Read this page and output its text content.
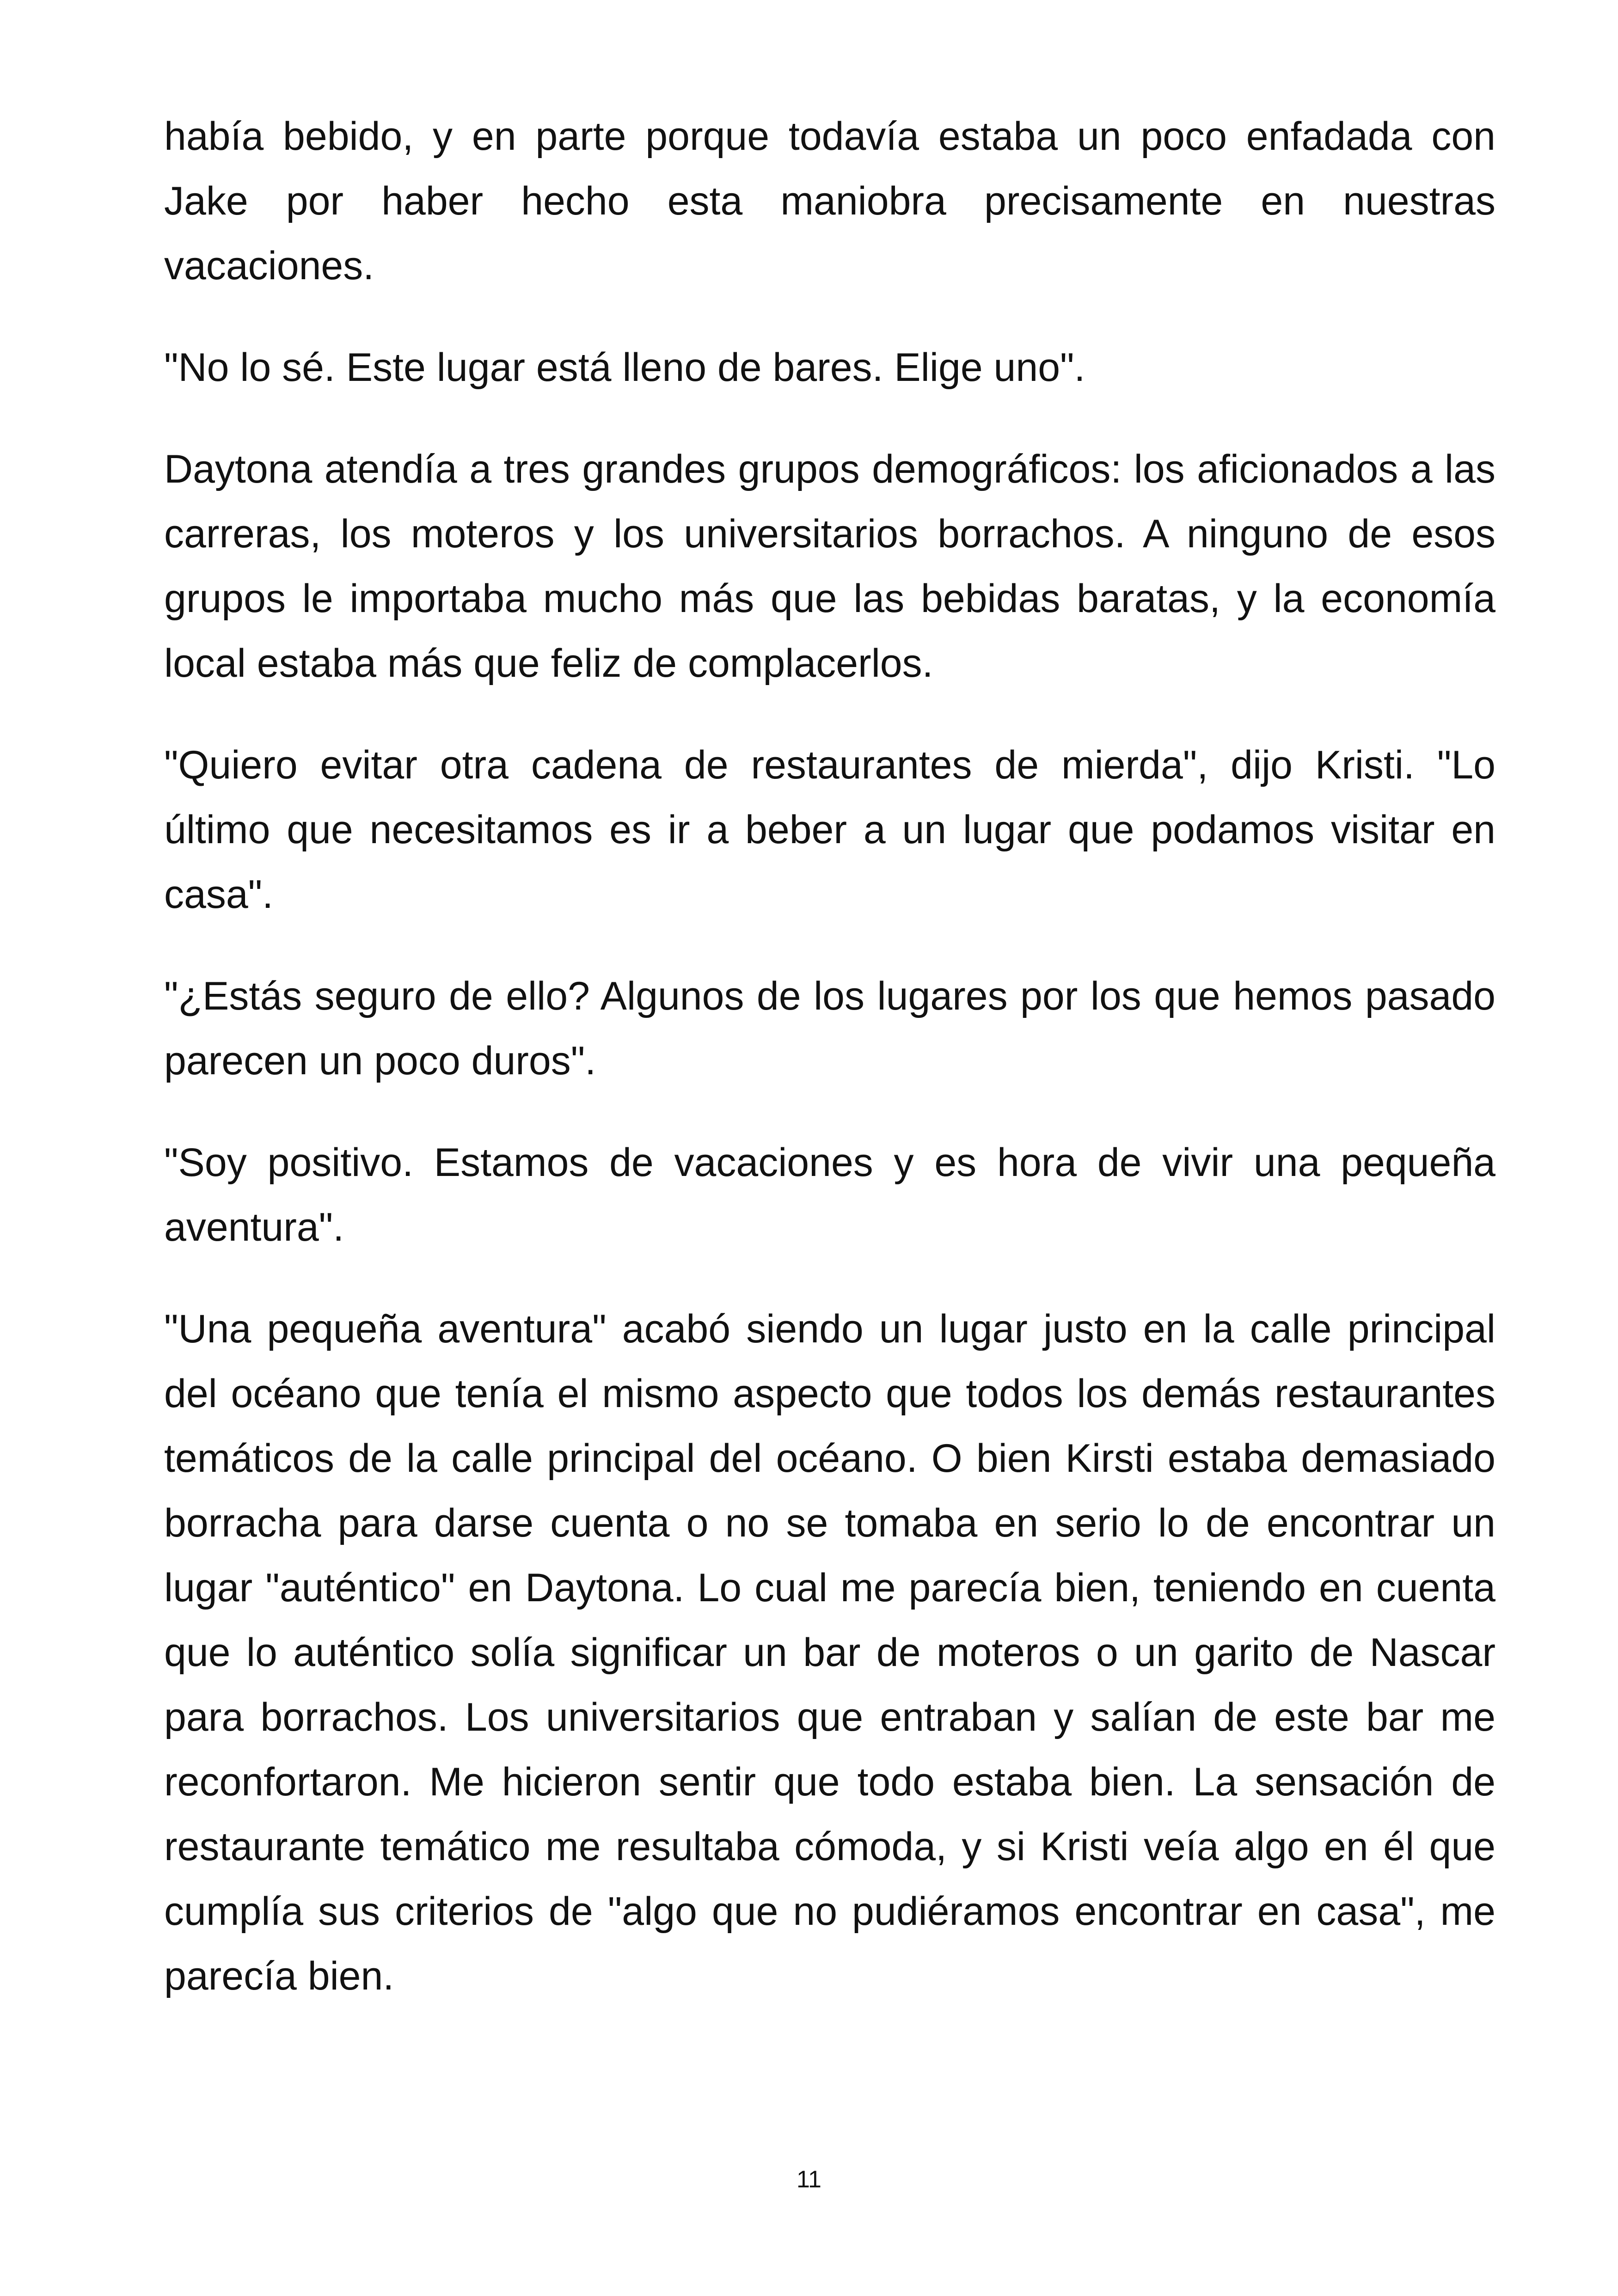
había bebido, y en parte porque todavía estaba un poco enfadada con Jake por haber hecho esta maniobra precisamente en nuestras vacaciones.

"No lo sé. Este lugar está lleno de bares. Elige uno".

Daytona atendía a tres grandes grupos demográficos: los aficionados a las carreras, los moteros y los universitarios borrachos. A ninguno de esos grupos le importaba mucho más que las bebidas baratas, y la economía local estaba más que feliz de complacerlos.

"Quiero evitar otra cadena de restaurantes de mierda", dijo Kristi. "Lo último que necesitamos es ir a beber a un lugar que podamos visitar en casa".

"¿Estás seguro de ello? Algunos de los lugares por los que hemos pasado parecen un poco duros".

"Soy positivo. Estamos de vacaciones y es hora de vivir una pequeña aventura".

"Una pequeña aventura" acabó siendo un lugar justo en la calle principal del océano que tenía el mismo aspecto que todos los demás restaurantes temáticos de la calle principal del océano. O bien Kirsti estaba demasiado borracha para darse cuenta o no se tomaba en serio lo de encontrar un lugar "auténtico" en Daytona. Lo cual me parecía bien, teniendo en cuenta que lo auténtico solía significar un bar de moteros o un garito de Nascar para borrachos. Los universitarios que entraban y salían de este bar me reconfortaron. Me hicieron sentir que todo estaba bien. La sensación de restaurante temático me resultaba cómoda, y si Kristi veía algo en él que cumplía sus criterios de "algo que no pudiéramos encontrar en casa", me parecía bien.

11
